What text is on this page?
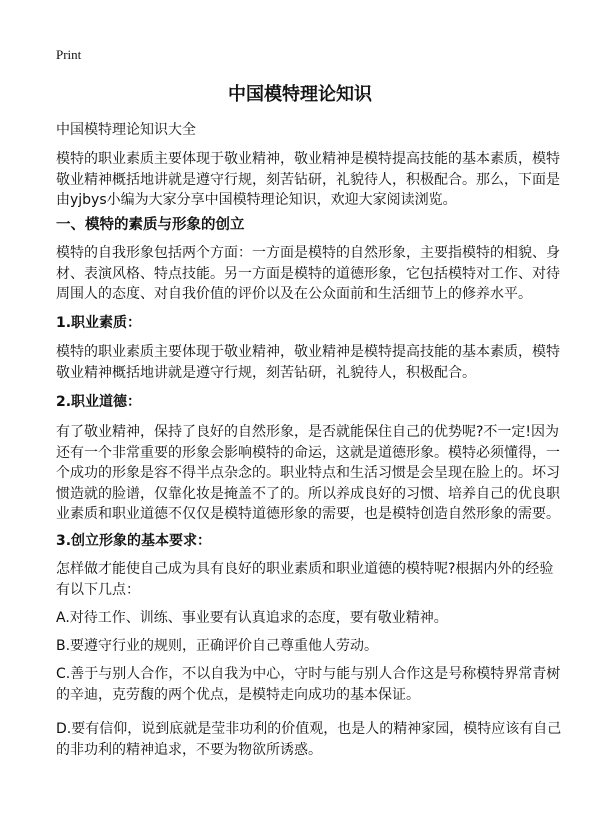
Print
中国模特理论知识
中国模特理论知识大全
模特的职业素质主要体现于敬业精神，敬业精神是模特提高技能的基本素质，模特
敬业精神概括地讲就是遵守行规，刻苦钻研，礼貌待人，积极配合。那么，下面是
由yjbys小编为大家分享中国模特理论知识，欢迎大家阅读浏览。
一、模特的素质与形象的创立
模特的自我形象包括两个方面：一方面是模特的自然形象，主要指模特的相貌、身
材、表演风格、特点技能。另一方面是模特的道德形象，它包括模特对工作、对待
周围人的态度、对自我价值的评价以及在公众面前和生活细节上的修养水平。
1.职业素质：
模特的职业素质主要体现于敬业精神，敬业精神是模特提高技能的基本素质，模特
敬业精神概括地讲就是遵守行规，刻苦钻研，礼貌待人，积极配合。
2.职业道德：
有了敬业精神，保持了良好的自然形象，是否就能保住自己的优势呢?不一定!因为
还有一个非常重要的形象会影响模特的命运，这就是道德形象。模特必须懂得，一
个成功的形象是容不得半点杂念的。职业特点和生活习惯是会呈现在脸上的。坏习
惯造就的脸谱，仅靠化妆是掩盖不了的。所以养成良好的习惯、培养自己的优良职
业素质和职业道德不仅仅是模特道德形象的需要，也是模特创造自然形象的需要。
3.创立形象的基本要求：
怎样做才能使自己成为具有良好的职业素质和职业道德的模特呢?根据内外的经验
有以下几点：
A.对待工作、训练、事业要有认真追求的态度，要有敬业精神。
B.要遵守行业的规则，正确评价自己尊重他人劳动。
C.善于与别人合作，不以自我为中心，守时与能与别人合作这是号称模特界常青树
的辛迪，克劳馥的两个优点，是模特走向成功的基本保证。
D.要有信仰，说到底就是莹非功利的价值观，也是人的精神家园，模特应该有自己
的非功利的精神追求，不要为物欲所诱惑。
